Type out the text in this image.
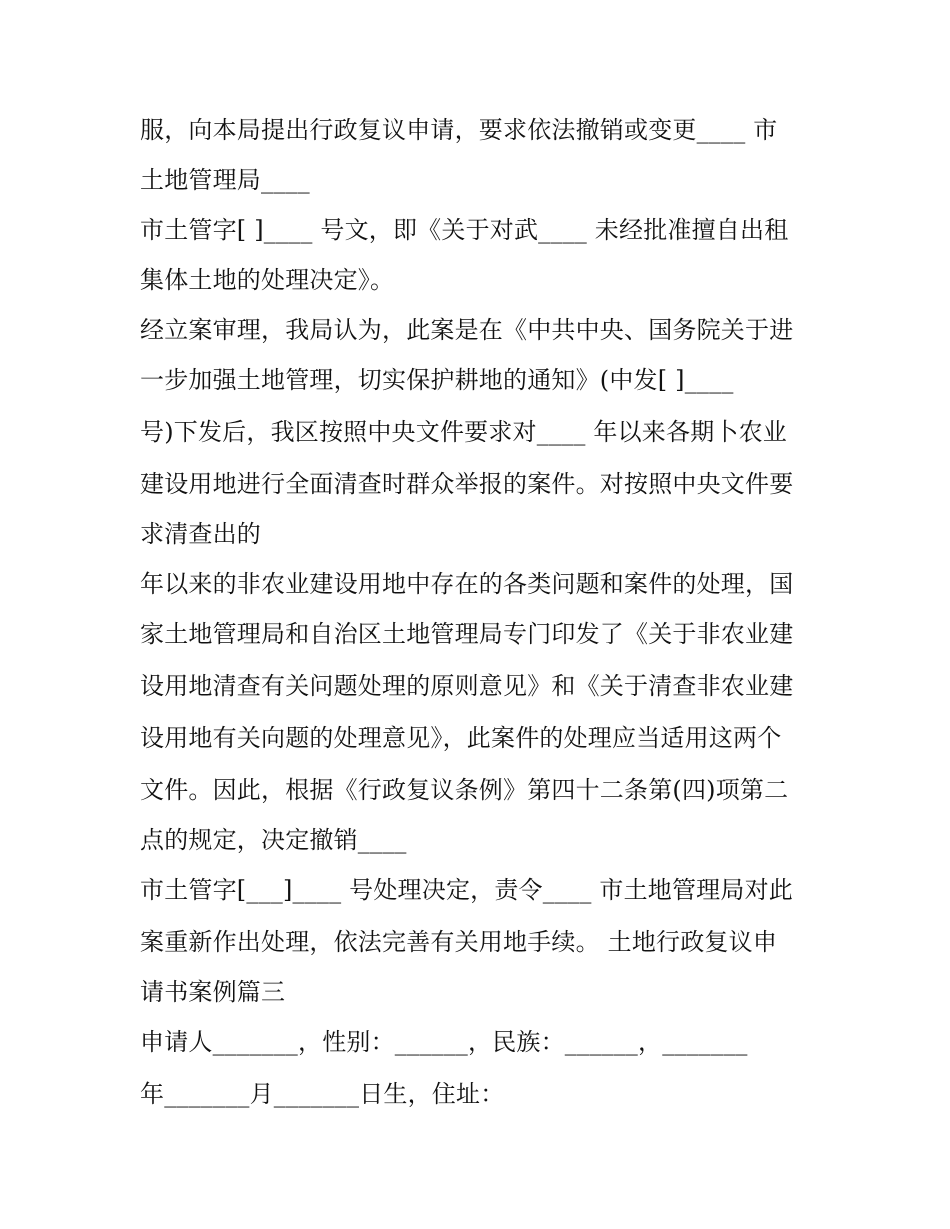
服，向本局提出行政复议申请，要求依法撤销或变更____ 市
土地管理局____
市土管字[ ]____ 号文，即《关于对武____ 未经批准擅自出租
集体土地的处理决定》。
经立案审理，我局认为，此案是在《中共中央、国务院关于进
一步加强土地管理，切实保护耕地的通知》(中发[ ]____
号)下发后，我区按照中央文件要求对____ 年以来各期卜农业
建设用地进行全面清查时群众举报的案件。对按照中央文件要
求清查出的
年以来的非农业建设用地中存在的各类问题和案件的处理，国
家土地管理局和自治区土地管理局专门印发了《关于非农业建
设用地清查有关问题处理的原则意见》和《关于清查非农业建
设用地有关向题的处理意见》，此案件的处理应当适用这两个
文件。因此，根据《行政复议条例》第四十二条第(四)项第二
点的规定，决定撤销____
市土管字[___]____ 号处理决定，责令____ 市土地管理局对此
案重新作出处理，依法完善有关用地手续。 土地行政复议申
请书案例篇三
申请人_______，性别：______，民族：______，_______
年_______月_______日生，住址：
